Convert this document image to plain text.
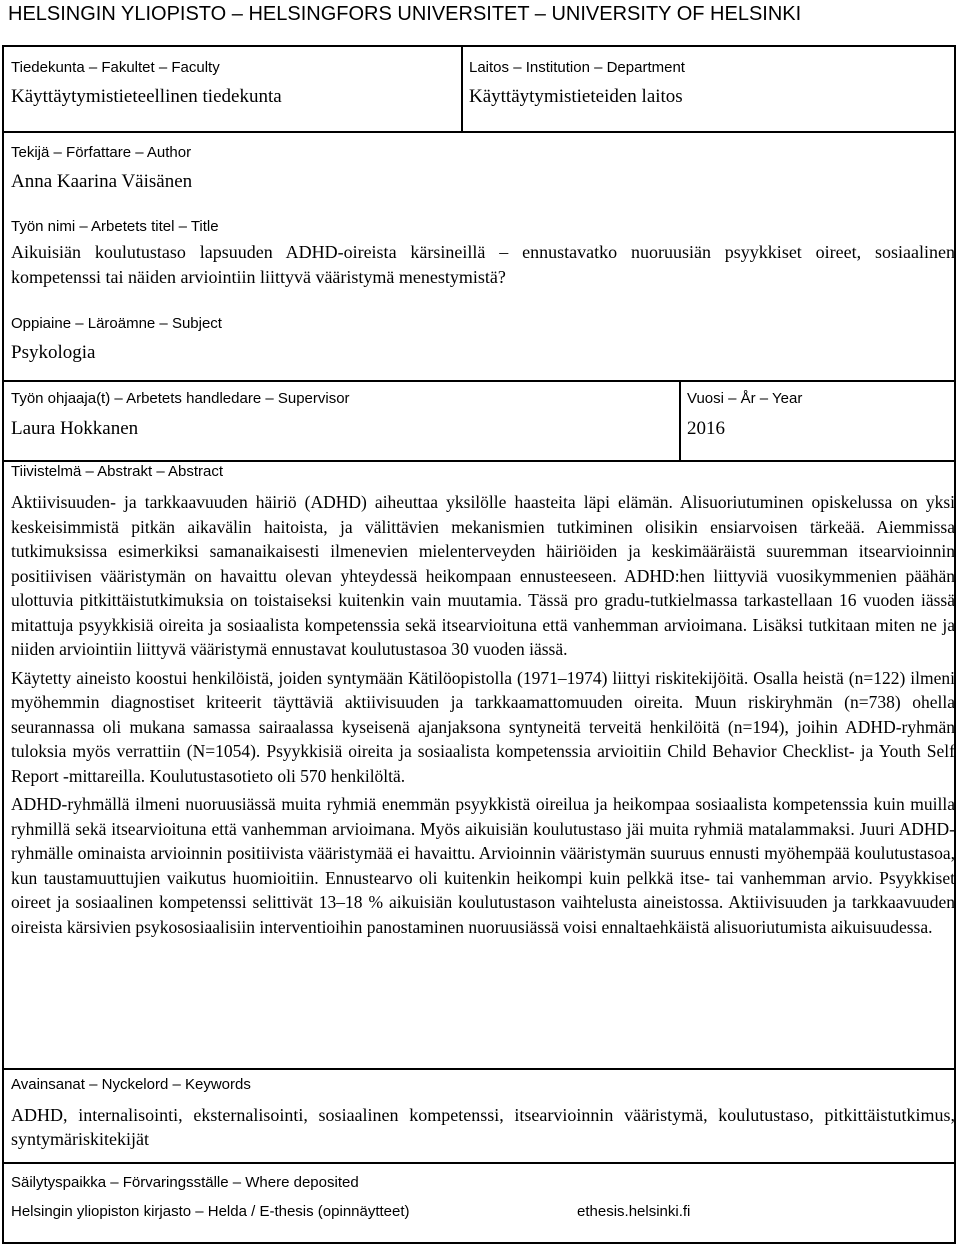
HELSINGIN YLIOPISTO – HELSINGFORS UNIVERSITET – UNIVERSITY OF HELSINKI
Tiedekunta – Fakultet – Faculty
Käyttäytymistieteellinen tiedekunta
Laitos – Institution – Department
Käyttäytymistieteiden laitos
Tekijä – Författare – Author
Anna Kaarina Väisänen
Työn nimi – Arbetets titel – Title
Aikuisiän koulutustaso lapsuuden ADHD-oireista kärsineillä – ennustavatko nuoruusiän psyykkiset oireet, sosiaalinen kompetenssi tai näiden arviointiin liittyvä vääristymä menestymistä?
Oppiaine – Läroämne – Subject
Psykologia
Työn ohjaaja(t) – Arbetets handledare – Supervisor
Laura Hokkanen
Vuosi – År – Year
2016
Tiivistelmä – Abstrakt – Abstract

Aktiivisuuden- ja tarkkaavuuden häiriö (ADHD) aiheuttaa yksilölle haasteita läpi elämän. Alisuoriutuminen opiskelussa on yksi keskeisimmistä pitkän aikavälin haitoista, ja välittävien mekanismien tutkiminen olisikin ensiarvoisen tärkeää. Aiemmissa tutkimuksissa esimerkiksi samanaikaisesti ilmenevien mielenterveyden häiriöiden ja keskimääräistä suuremman itsearvioinnin positiivisen vääristymän on havaittu olevan yhteydessä heikompaan ennusteeseen. ADHD:hen liittyviä vuosikymmenien päähän ulottuvia pitkittäistutkimuksia on toistaiseksi kuitenkin vain muutamia. Tässä pro gradu-tutkielmassa tarkastellaan 16 vuoden iässä mitattuja psyykkisiä oireita ja sosiaalista kompetenssia sekä itsearvioituna että vanhemman arvioimana. Lisäksi tutkitaan miten ne ja niiden arviointiin liittyvä vääristymä ennustavat koulutustasoa 30 vuoden iässä.

Käytetty aineisto koostui henkilöistä, joiden syntymään Kätilöopistolla (1971–1974) liittyi riskitekijöitä. Osalla heistä (n=122) ilmeni myöhemmin diagnostiset kriteerit täyttäviä aktiivisuuden ja tarkkaamattomuuden oireita. Muun riskiryhmän (n=738) ohella seurannassa oli mukana samassa sairaalassa kyseisenä ajanjaksona syntyneitä terveitä henkilöitä (n=194), joihin ADHD-ryhmän tuloksia myös verrattiin (N=1054). Psyykkisiä oireita ja sosiaalista kompetenssia arvioitiin Child Behavior Checklist- ja Youth Self Report -mittareilla. Koulutustasotieto oli 570 henkilöltä.

ADHD-ryhmällä ilmeni nuoruusiässä muita ryhmiä enemmän psyykkistä oireilua ja heikompaa sosiaalista kompetenssia kuin muilla ryhmillä sekä itsearvioituna että vanhemman arvioimana. Myös aikuisiän koulutustaso jäi muita ryhmiä matalammaksi. Juuri ADHD-ryhmälle ominaista arvioinnin positiivista vääristymää ei havaittu. Arvioinnin vääristymän suuruus ennusti myöhempää koulutustasoa, kun taustamuuttujien vaikutus huomioitiin. Ennustearvo oli kuitenkin heikompi kuin pelkkä itse- tai vanhemman arvio. Psyykkiset oireet ja sosiaalinen kompetenssi selittivät 13–18 % aikuisiän koulutustason vaihtelusta aineistossa. Aktiivisuuden ja tarkkaavuuden oireista kärsivien psykososiaalisiin interventioihin panostaminen nuoruusiässä voisi ennaltaehkäistä alisuoriutumista aikuisuudessa.

Avainsanat – Nyckelord – Keywords
ADHD, internalisointi, eksternalisointi, sosiaalinen kompetenssi, itsearvioinnin vääristymä, koulutustaso, pitkittäistutkimus, syntymäriskitekijät
Säilytyspaikka – Förvaringsställe – Where deposited
Helsingin yliopiston kirjasto – Helda / E-thesis (opinnäytteet)	ethesis.helsinki.fi
